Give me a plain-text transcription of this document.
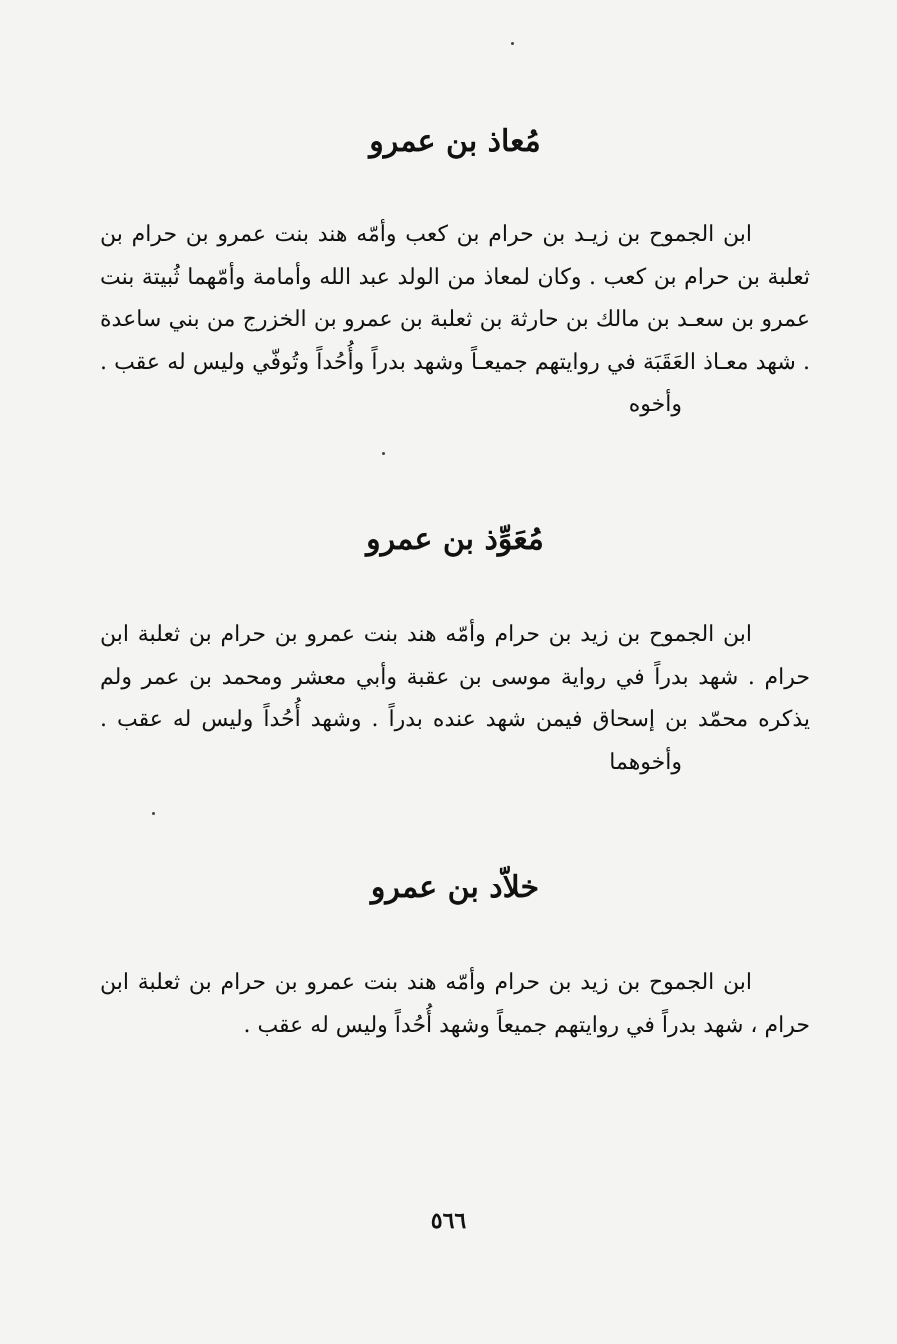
مُعاذ بن عمرو

ابن الجموح بن زيـد بن حرام بن كعب وأمّه هند بنت عمرو بن حرام بن ثعلبة بن حرام بن كعب . وكان لمعاذ من الولد عبد الله وأمامة وأمّهما ثُبيتة بنت عمرو بن سعـد بن مالك بن حارثة بن ثعلبة بن عمرو بن الخزرج من بني ساعدة . شهد معـاذ العَقَبَة في روايتهم جميعـاً وشهد بدراً وأُحُداً وتُوفّي وليس له عقب .وأخوه

مُعَوِّذ بن عمرو

ابن الجموح بن زيد بن حرام وأمّه هند بنت عمرو بن حرام بن ثعلبة ابن حرام . شهد بدراً في رواية موسى بن عقبة وأبي معشر ومحمد بن عمر ولم يذكره محمّد بن إسحاق فيمن شهد عنده بدراً . وشهد أُحُداً وليس له عقب .وأخوهما

خلاّد بن عمرو

ابن الجموح بن زيد بن حرام وأمّه هند بنت عمرو بن حرام بن ثعلبة ابن حرام ، شهد بدراً في روايتهم جميعاً وشهد أُحُداً وليس له عقب .

٥٦٦
